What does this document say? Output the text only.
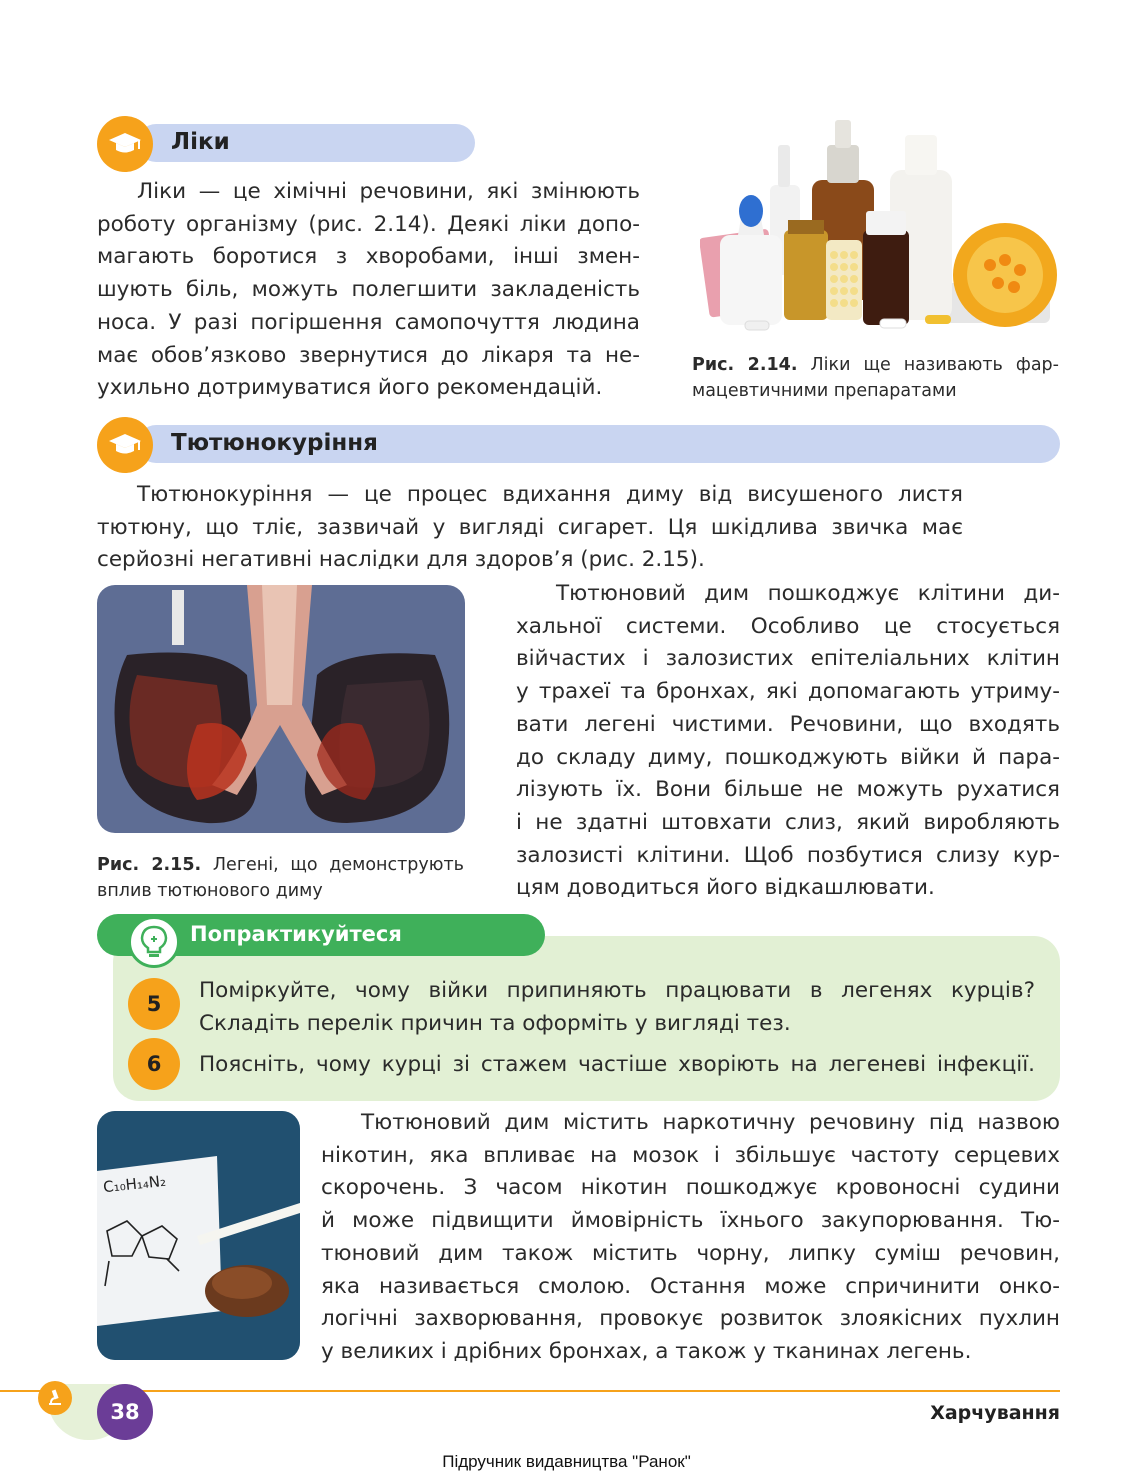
Ліки
Ліки — це хімічні речовини, які змінюють
роботу організму (рис. 2.14). Деякі ліки допо-
магають боротися з хворобами, інші змен-
шують біль, можуть полегшити закладеність
носа. У разі погіршення самопочуття людина
має обов’язково звернутися до лікаря та не-
ухильно дотримуватися його рекомендацій.
Рис. 2.14. Ліки ще називають фар-
мацевтичними препаратами
Тютюнокуріння
Тютюнокуріння — це процес вдихання диму від висушеного листя
тютюну, що тліє, зазвичай у вигляді сигарет. Ця шкідлива звичка має
серйозні негативні наслідки для здоров’я (рис. 2.15).
Рис. 2.15. Легені, що демонструють
вплив тютюнового диму
Тютюновий дим пошкоджує клітини ди-
хальної системи. Особливо це стосується
війчастих і залозистих епітеліальних клітин
у трахеї та бронхах, які допомагають утриму-
вати легені чистими. Речовини, що входять
до складу диму, пошкоджують війки й пара-
лізують їх. Вони більше не можуть рухатися
і не здатні штовхати слиз, який виробляють
залозисті клітини. Щоб позбутися слизу кур-
цям доводиться його відкашлювати.
Попрактикуйтеся
5
Поміркуйте, чому війки припиняють працювати в легенях курців?
Складіть перелік причин та оформіть у вигляді тез.
6	Поясніть, чому курці зі стажем частіше хворіють на легеневі інфекції.
C₁₀H₁₄N₂
Тютюновий дим містить наркотичну речовину під назвою
нікотин, яка впливає на мозок і збільшує частоту серцевих
скорочень. З часом нікотин пошкоджує кровоносні судини
й може підвищити ймовірність їхнього закупорювання. Тю-
тюновий дим також містить чорну, липку суміш речовин,
яка називається смолою. Остання може спричинити онко-
логічні захворювання, провокує розвиток злоякісних пухлин
у великих і дрібних бронхах, а також у тканинах легень.
38	Харчування
Підручник видавництва "Ранок"
